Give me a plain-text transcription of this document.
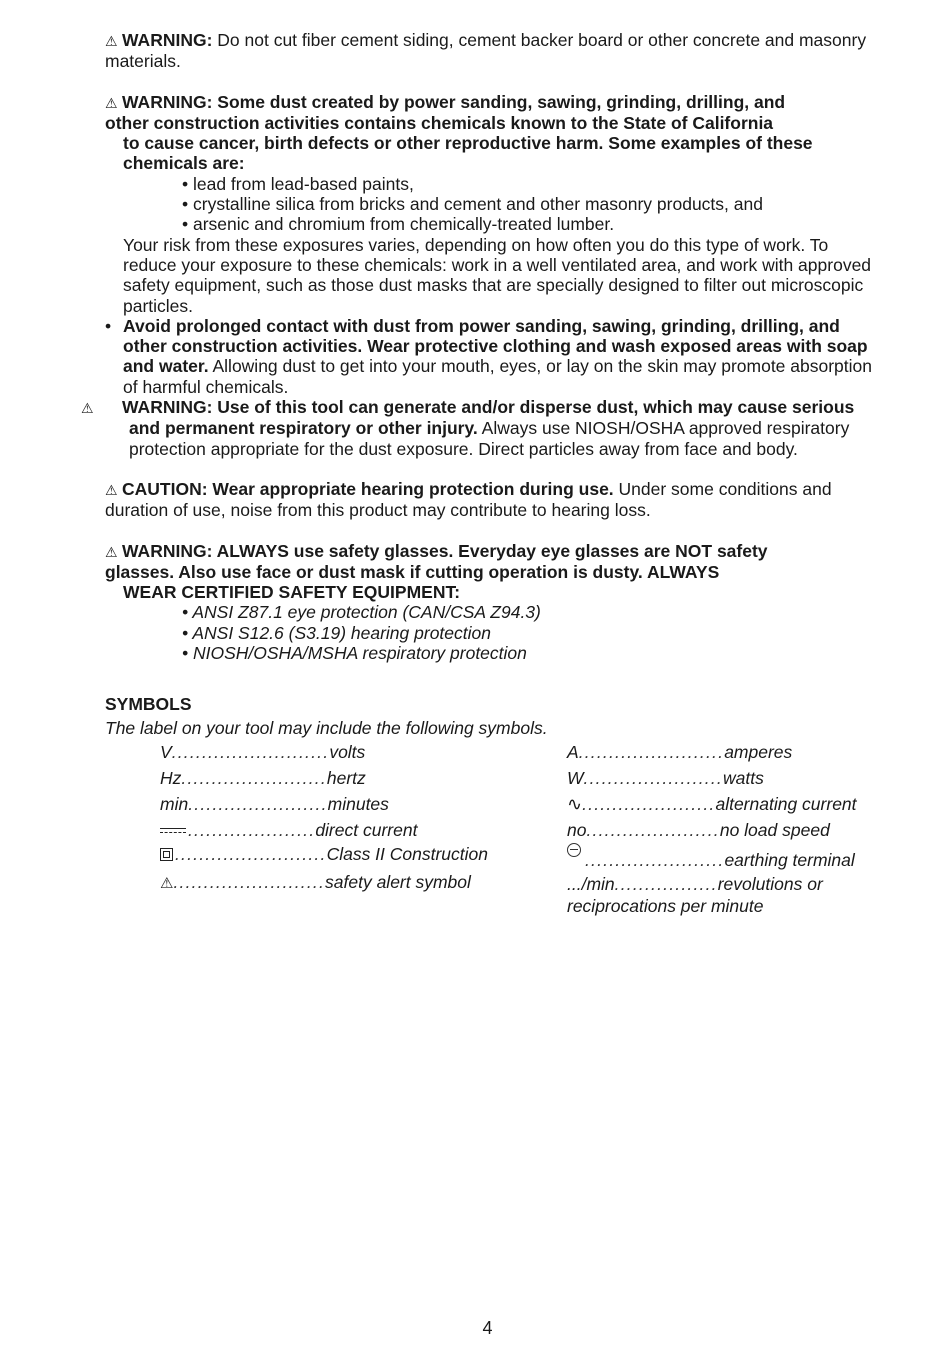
⚠ WARNING: Do not cut fiber cement siding, cement backer board or other concrete and masonry materials.

⚠ WARNING: Some dust created by power sanding, sawing, grinding, drilling, and

other construction activities contains chemicals known to the State of California

to cause cancer, birth defects or other reproductive harm. Some examples of these chemicals are:

• lead from lead-based paints,
• crystalline silica from bricks and cement and other masonry products, and
• arsenic and chromium from chemically-treated lumber.

Your risk from these exposures varies, depending on how often you do this type of work. To reduce your exposure to these chemicals: work in a well ventilated area, and work with approved safety equipment, such as those dust masks that are specially designed to filter out microscopic particles.

• Avoid prolonged contact with dust from power sanding, sawing, grinding, drilling, and other construction activities. Wear protective clothing and wash exposed areas with soap and water. Allowing dust to get into your mouth, eyes, or lay on the skin may promote absorption of harmful chemicals.

⚠ WARNING: Use of this tool can generate and/or disperse dust, which may cause serious and permanent respiratory or other injury. Always use NIOSH/OSHA approved respiratory protection appropriate for the dust exposure. Direct particles away from face and body.

⚠ CAUTION: Wear appropriate hearing protection during use. Under some conditions and duration of use, noise from this product may contribute to hearing loss.

⚠ WARNING: ALWAYS use safety glasses. Everyday eye glasses are NOT safety

glasses. Also use face or dust mask if cutting operation is dusty. ALWAYS

WEAR CERTIFIED SAFETY EQUIPMENT:

• ANSI Z87.1 eye protection (CAN/CSA Z94.3)
• ANSI S12.6 (S3.19) hearing protection
• NIOSH/OSHA/MSHA respiratory protection

SYMBOLS

The label on your tool may include the following symbols.

V..........................volts
Hz........................hertz
min.......................minutes
.....................direct current
.........................Class II Construction
⚠.........................safety alert symbol
A........................amperes
W.......................watts
∿......................alternating current
no......................no load speed
.......................earthing terminal
.../min.................revolutions or
reciprocations per minute
4
